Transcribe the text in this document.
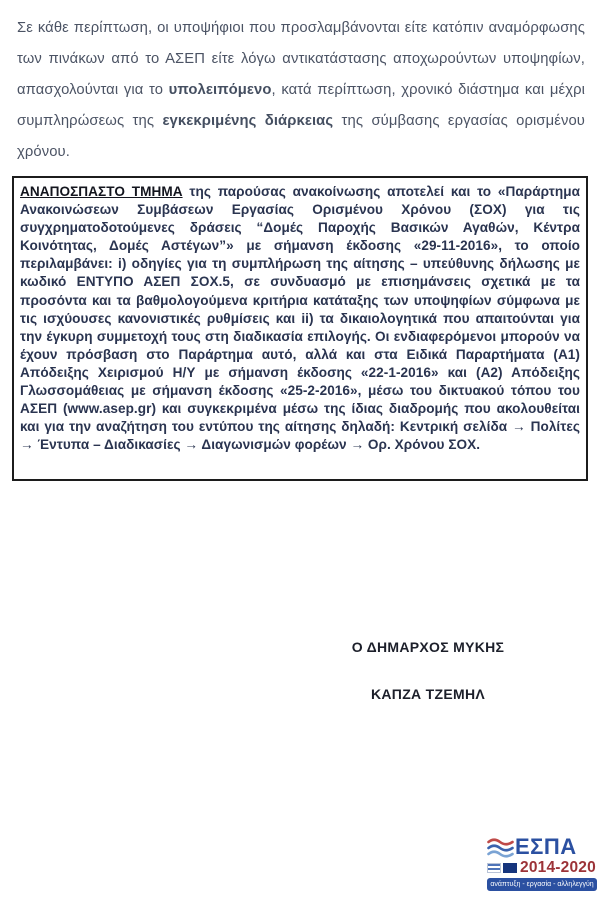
Σε κάθε περίπτωση, οι υποψήφιοι που προσλαμβάνονται είτε κατόπιν αναμόρφωσης των πινάκων από το ΑΣΕΠ είτε λόγω αντικατάστασης αποχωρούντων υποψηφίων, απασχολούνται για το υπολειπόμενο, κατά περίπτωση, χρονικό διάστημα και μέχρι συμπληρώσεως της εγκεκριμένης διάρκειας της σύμβασης εργασίας ορισμένου χρόνου.

ΑΝΑΠΟΣΠΑΣΤΟ ΤΜΗΜΑ της παρούσας ανακοίνωσης αποτελεί και το «Παράρτημα Ανακοινώσεων Συμβάσεων Εργασίας Ορισμένου Χρόνου (ΣΟΧ) για τις συγχρηματοδοτούμενες δράσεις “Δομές Παροχής Βασικών Αγαθών, Κέντρα Κοινότητας, Δομές Αστέγων”» με σήμανση έκδοσης «29-11-2016», το οποίο περιλαμβάνει: i) οδηγίες για τη συμπλήρωση της αίτησης – υπεύθυνης δήλωσης με κωδικό ΕΝΤΥΠΟ ΑΣΕΠ ΣΟΧ.5, σε συνδυασμό με επισημάνσεις σχετικά με τα προσόντα και τα βαθμολογούμενα κριτήρια κατάταξης των υποψηφίων σύμφωνα με τις ισχύουσες κανονιστικές ρυθμίσεις και ii) τα δικαιολογητικά που απαιτούνται για την έγκυρη συμμετοχή τους στη διαδικασία επιλογής. Οι ενδιαφερόμενοι μπορούν να έχουν πρόσβαση στο Παράρτημα αυτό, αλλά και στα Ειδικά Παραρτήματα (Α1) Απόδειξης Χειρισμού Η/Υ με σήμανση έκδοσης «22-1-2016» και (Α2) Απόδειξης Γλωσσομάθειας με σήμανση έκδοσης «25-2-2016», μέσω του δικτυακού τόπου του ΑΣΕΠ (www.asep.gr) και συγκεκριμένα μέσω της ίδιας διαδρομής που ακολουθείται και για την αναζήτηση του εντύπου της αίτησης δηλαδή: Κεντρική σελίδα → Πολίτες → Έντυπα – Διαδικασίες → Διαγωνισμών φορέων → Ορ. Χρόνου ΣΟΧ.
Ο ΔΗΜΑΡΧΟΣ ΜΥΚΗΣ
ΚΑΠΖΑ ΤΖΕΜΗΛ
ΕΣΠΑ
2014-2020
ανάπτυξη - εργασία - αλληλεγγύη
